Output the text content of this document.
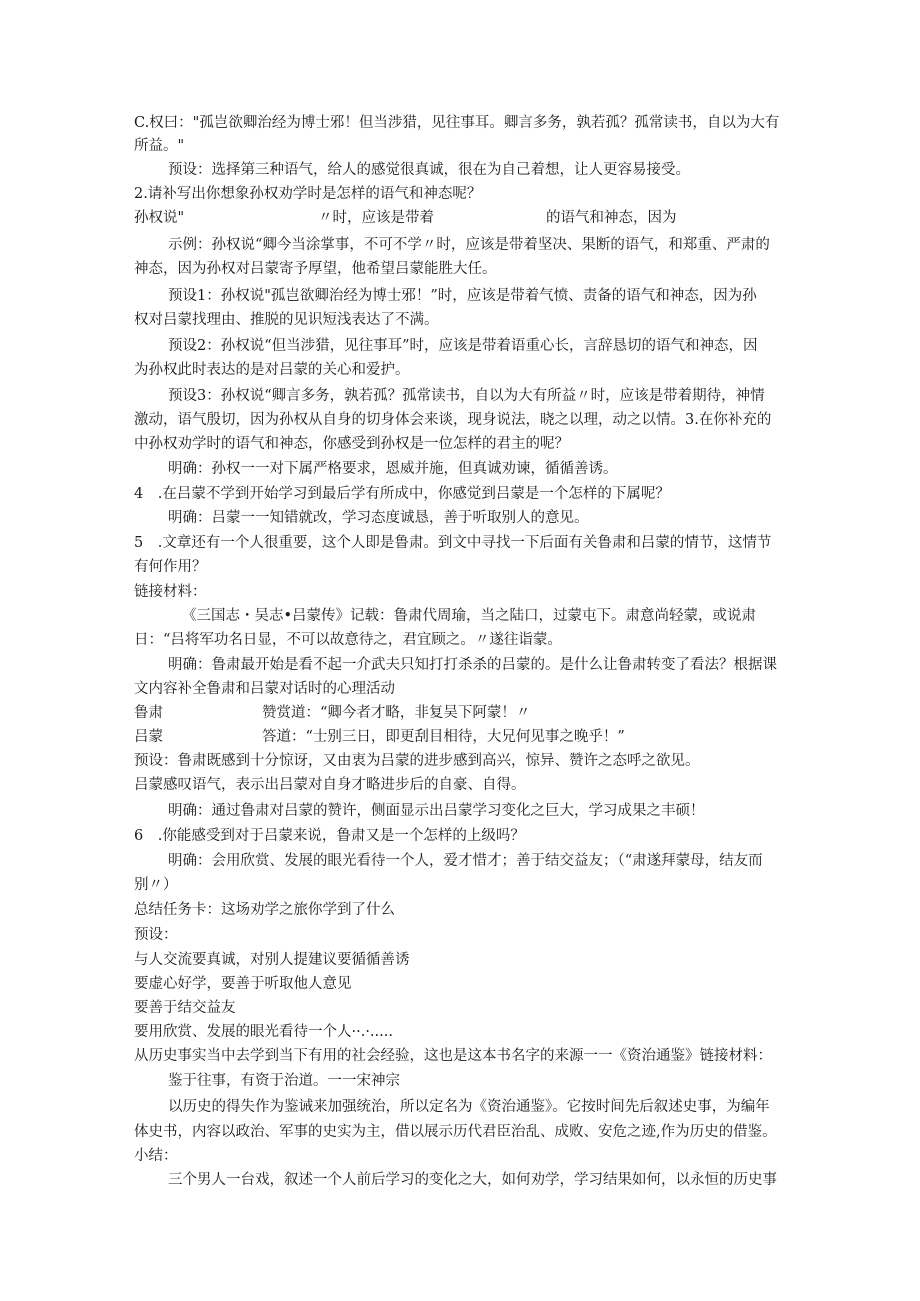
C.权曰："孤岂欲卿治经为博士邪！但当涉猎，见往事耳。卿言多务，孰若孤？孤常读书，自以为大有
所益。"
预设：选择第三种语气，给人的感觉很真诚，很在为自己着想，让人更容易接受。
2.请补写出你想象孙权劝学时是怎样的语气和神态呢？
孙权说"	〃时，应该是带着	的语气和神态，因为
示例：孙权说“卿今当涂掌事，不可不学〃时，应该是带着坚决、果断的语气，和郑重、严肃的
神态，因为孙权对吕蒙寄予厚望，他希望吕蒙能胜大任。
预设1：孙权说"孤岂欲卿治经为博士邪！”时，应该是带着气愤、责备的语气和神态，因为孙
权对吕蒙找理由、推脱的见识短浅表达了不满。
预设2：孙权说“但当涉猎，见往事耳”时，应该是带着语重心长，言辞恳切的语气和神态，因
为孙权此时表达的是对吕蒙的关心和爱护。
预设3：孙权说“卿言多务，孰若孤？孤常读书，自以为大有所益〃时，应该是带着期待，神情
激动，语气殷切，因为孙权从自身的切身体会来谈，现身说法，晓之以理，动之以情。3.在你补充的
中孙权劝学时的语气和神态，你感受到孙权是一位怎样的君主的呢？
明确：孙权一一对下属严格要求，恩威并施，但真诚劝谏，循循善诱。
4　.在吕蒙不学到开始学习到最后学有所成中，你感觉到吕蒙是一个怎样的下属呢？
明确：吕蒙一一知错就改，学习态度诚恳，善于听取别人的意见。
5　.文章还有一个人很重要，这个人即是鲁肃。到文中寻找一下后面有关鲁肃和吕蒙的情节，这情节
有何作用？
链接材料：
《三国志・吴志•吕蒙传》记载：鲁肃代周瑜，当之陆口，过蒙屯下。肃意尚轻蒙，或说肃
日：“吕将军功名日显，不可以故意待之，君宜顾之。〃遂往诣蒙。
明确：鲁肃最开始是看不起一介武夫只知打打杀杀的吕蒙的。是什么让鲁肃转变了看法？根据课
文内容补全鲁肃和吕蒙对话时的心理活动
鲁肃	赞赏道：“卿今者才略，非复吴下阿蒙！〃
吕蒙	答道：“士别三日，即更刮目相待，大兄何见事之晚乎！”
预设：鲁肃既感到十分惊讶，又由衷为吕蒙的进步感到高兴，惊异、赞许之态呼之欲见。
吕蒙感叹语气，表示出吕蒙对自身才略进步后的自豪、自得。
明确：通过鲁肃对吕蒙的赞许，侧面显示出吕蒙学习变化之巨大，学习成果之丰硕！
6　.你能感受到对于吕蒙来说，鲁肃又是一个怎样的上级吗？
明确：会用欣赏、发展的眼光看待一个人，爱才惜才；善于结交益友；（“肃遂拜蒙母，结友而
别〃）
总结任务卡：这场劝学之旅你学到了什么
预设：
与人交流要真诚，对别人提建议要循循善诱
要虚心好学，要善于听取他人意见
要善于结交益友
要用欣赏、发展的眼光看待一个人··.·.....
从历史事实当中去学到当下有用的社会经验，这也是这本书名字的来源一一《资治通鉴》链接材料：
鉴于往事，有资于治道。一一宋神宗
以历史的得失作为鉴诫来加强统治，所以定名为《资治通鉴》。它按时间先后叙述史事，为编年
体史书，内容以政治、军事的史实为主，借以展示历代君臣治乱、成败、安危之迹,作为历史的借鉴。
小结：
三个男人一台戏，叙述一个人前后学习的变化之大，如何劝学，学习结果如何，以永恒的历史事
